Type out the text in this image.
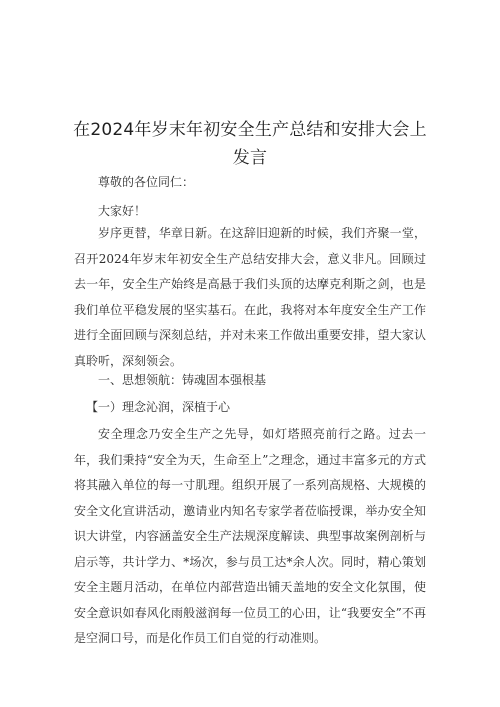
在2024年岁末年初安全生产总结和安排大会上
发言
尊敬的各位同仁：
大家好！
岁序更替，华章日新。在这辞旧迎新的时候，我们齐聚一堂，召开2024年岁末年初安全生产总结安排大会，意义非凡。回顾过去一年，安全生产始终是高悬于我们头顶的达摩克利斯之剑，也是我们单位平稳发展的坚实基石。在此，我将对本年度安全生产工作进行全面回顾与深刻总结，并对未来工作做出重要安排，望大家认真聆听，深刻领会。
一、思想领航：铸魂固本强根基
【一）理念沁润，深植于心
安全理念乃安全生产之先导，如灯塔照亮前行之路。过去一年，我们秉持“安全为天，生命至上”之理念，通过丰富多元的方式将其融入单位的每一寸肌理。组织开展了一系列高规格、大规模的安全文化宣讲活动，邀请业内知名专家学者莅临授课，举办安全知识大讲堂，内容涵盖安全生产法规深度解读、典型事故案例剖析与启示等，共计学力、*场次，参与员工达*余人次。同时，精心策划安全主题月活动，在单位内部营造出铺天盖地的安全文化氛围，使安全意识如春风化雨般滋润每一位员工的心田，让“我要安全”不再是空洞口号，而是化作员工们自觉的行动准则。
